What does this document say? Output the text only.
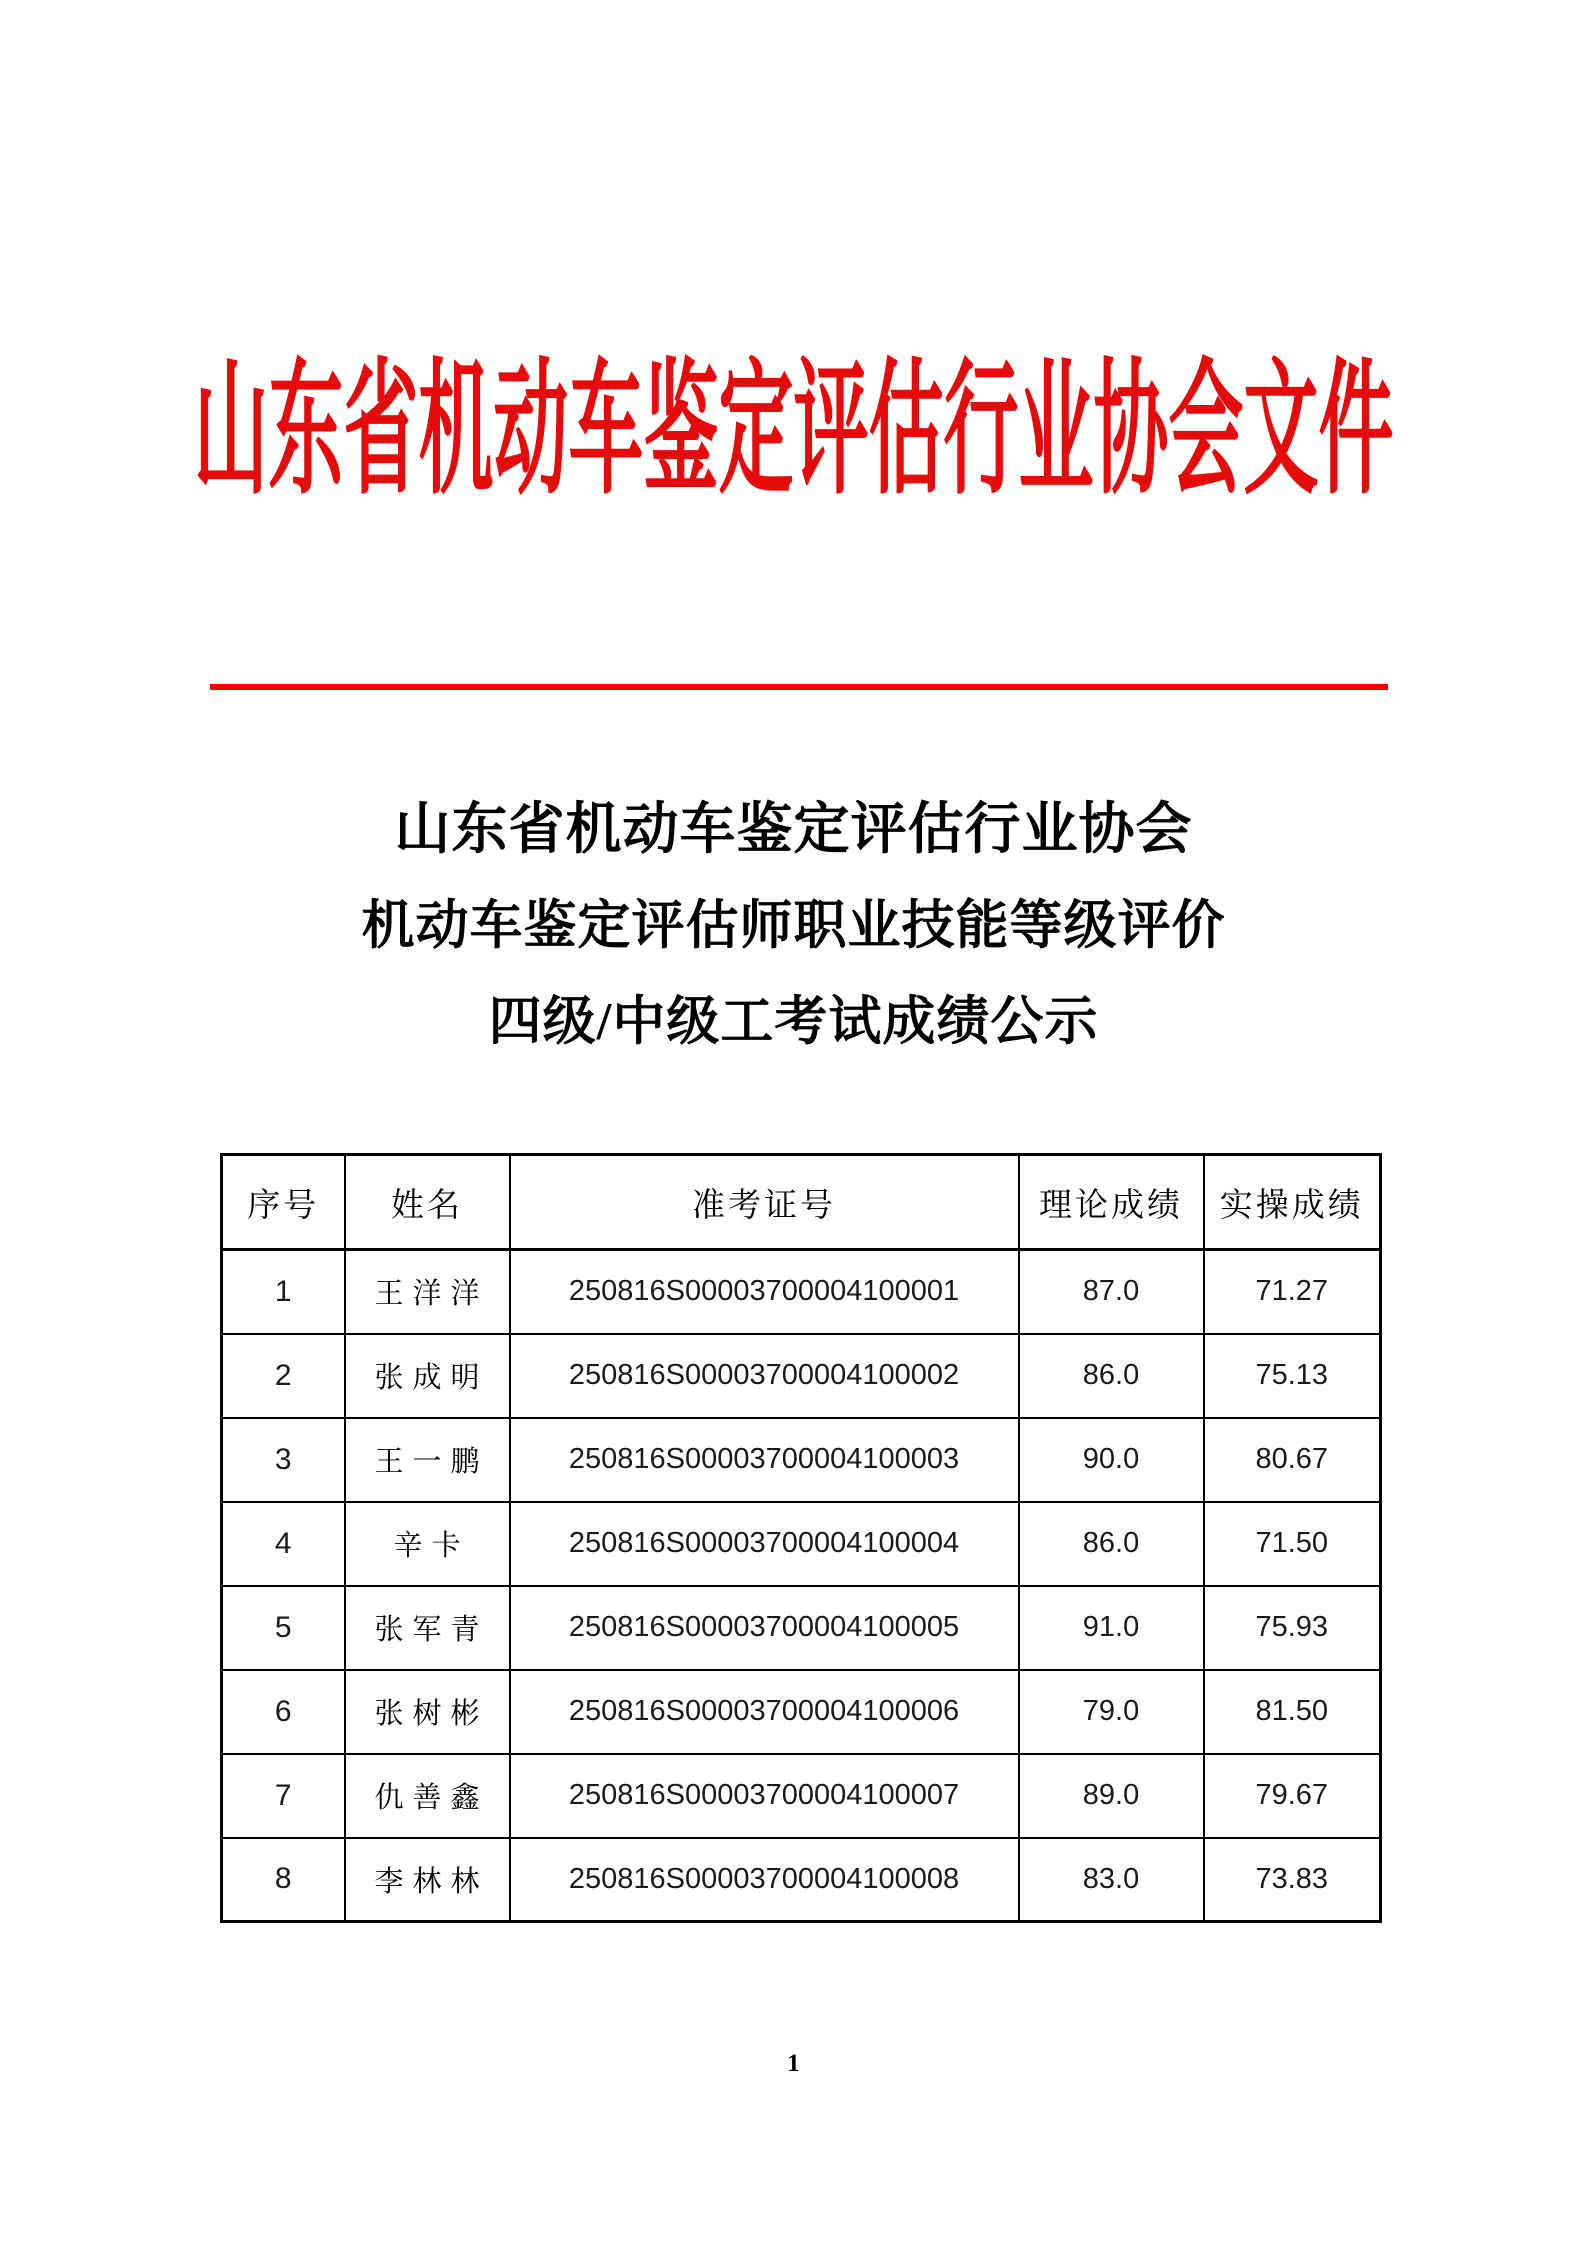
山东省机动车鉴定评估行业协会文件
山东省机动车鉴定评估行业协会
机动车鉴定评估师职业技能等级评价
四级/中级工考试成绩公示
序号	姓名	准考证号	理论成绩	实操成绩
1	王洋洋	250816S00003700004100001	87.0	71.27
2	张成明	250816S00003700004100002	86.0	75.13
3	王一鹏	250816S00003700004100003	90.0	80.67
4	辛卡	250816S00003700004100004	86.0	71.50
5	张军青	250816S00003700004100005	91.0	75.93
6	张树彬	250816S00003700004100006	79.0	81.50
7	仇善鑫	250816S00003700004100007	89.0	79.67
8	李林林	250816S00003700004100008	83.0	73.83
1
